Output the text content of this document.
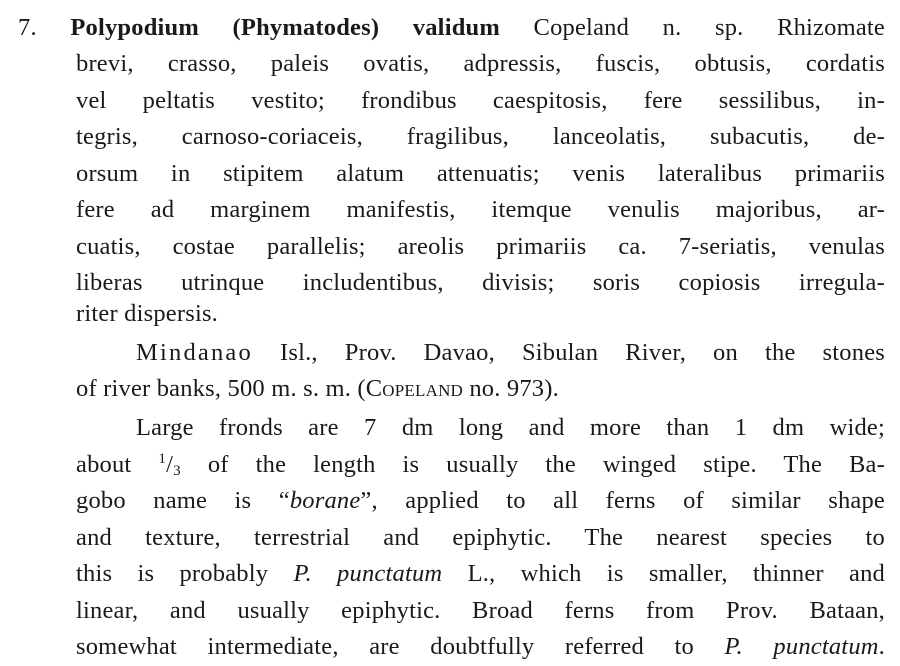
7. Polypodium (Phymatodes) validum Copeland n. sp. Rhizomate
brevi, crasso, paleis ovatis, adpressis, fuscis, obtusis, cordatis
vel peltatis vestito; frondibus caespitosis, fere sessilibus, in-
tegris, carnoso-coriaceis, fragilibus, lanceolatis, subacutis, de-
orsum in stipitem alatum attenuatis; venis lateralibus primariis
fere ad marginem manifestis, itemque venulis majoribus, ar-
cuatis, costae parallelis; areolis primariis ca. 7-seriatis, venulas
liberas utrinque includentibus, divisis; soris copiosis irregula-
riter dispersis.
Mindanao Isl., Prov. Davao, Sibulan River, on the stones
of river banks, 500 m. s. m. (Copeland no. 973).
Large fronds are 7 dm long and more than 1 dm wide;
about $^1/_3$ of the length is usually the winged stipe. The Ba-
gobo name is “borane”, applied to all ferns of similar shape
and texture, terrestrial and epiphytic. The nearest species to
this is probably P. punctatum L., which is smaller, thinner and
linear, and usually epiphytic. Broad ferns from Prov. Bataan,
somewhat intermediate, are doubtfully referred to P. punctatum.
